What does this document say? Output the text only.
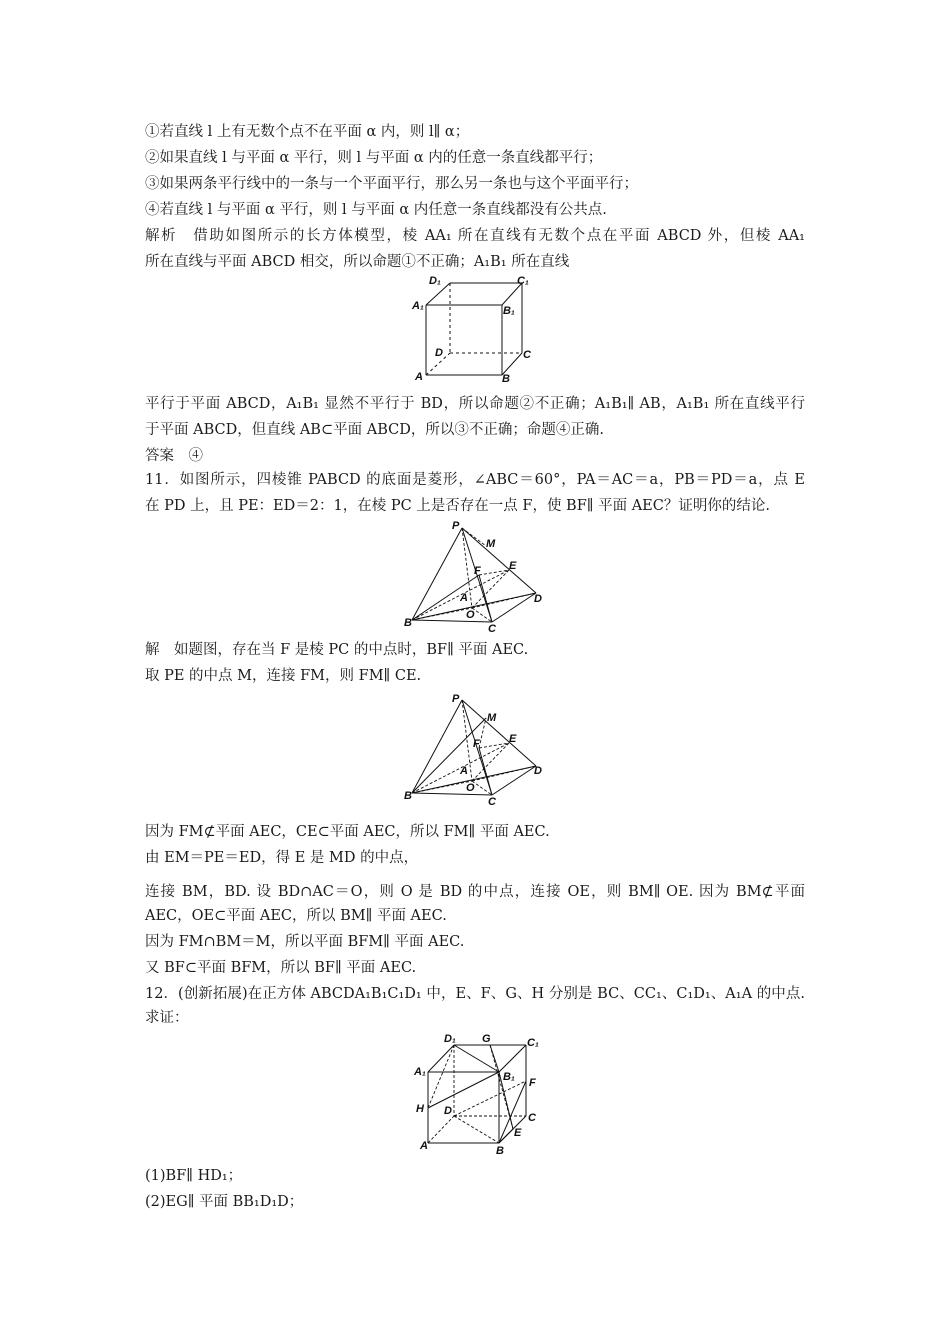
①若直线 l 上有无数个点不在平面 α 内，则 l∥ α；
②如果直线 l 与平面 α 平行，则 l 与平面 α 内的任意一条直线都平行；
③如果两条平行线中的一条与一个平面平行，那么另一条也与这个平面平行；
④若直线 l 与平面 α 平行，则 l 与平面 α 内任意一条直线都没有公共点.
解析　借助如图所示的长方体模型，棱 AA₁ 所在直线有无数个点在平面 ABCD 外，但棱 AA₁
所在直线与平面 ABCD 相交，所以命题①不正确；A₁B₁ 所在直线
D₁	C₁
A₁	B₁
D	C
A	B
平行于平面 ABCD，A₁B₁ 显然不平行于 BD，所以命题②不正确；A₁B₁∥ AB，A₁B₁ 所在直线平行
于平面 ABCD，但直线 AB⊂平面 ABCD，所以③不正确；命题④正确.
答案　④
11．如图所示，四棱锥 PABCD 的底面是菱形，∠ABC＝60°，PA＝AC＝a，PB＝PD＝a，点 E
在 PD 上，且 PE：ED＝2：1，在棱 PC 上是否存在一点 F，使 BF∥ 平面 AEC？证明你的结论.
P
M
F	E
A
O
B	C
D
解　如题图，存在当 F 是棱 PC 的中点时，BF∥ 平面 AEC.
取 PE 的中点 M，连接 FM，则 FM∥ CE.
P
M
F	E
A
O
B	C
D
因为 FM⊄平面 AEC，CE⊂平面 AEC，所以 FM∥ 平面 AEC.
由 EM＝PE＝ED，得 E 是 MD 的中点，
连接 BM，BD. 设 BD∩AC＝O，则 O 是 BD 的中点，连接 OE，则 BM∥ OE. 因为 BM⊄平面
AEC，OE⊂平面 AEC，所以 BM∥ 平面 AEC.
因为 FM∩BM＝M，所以平面 BFM∥ 平面 AEC.
又 BF⊂平面 BFM，所以 BF∥ 平面 AEC.
12．(创新拓展)在正方体 ABCDA₁B₁C₁D₁ 中，E、F、G、H 分别是 BC、CC₁、C₁D₁、A₁A 的中点.
求证：
D₁ G	C₁
A₁	B₁ F
H D
C
E
A	B
(1)BF∥ HD₁；
(2)EG∥ 平面 BB₁D₁D；
